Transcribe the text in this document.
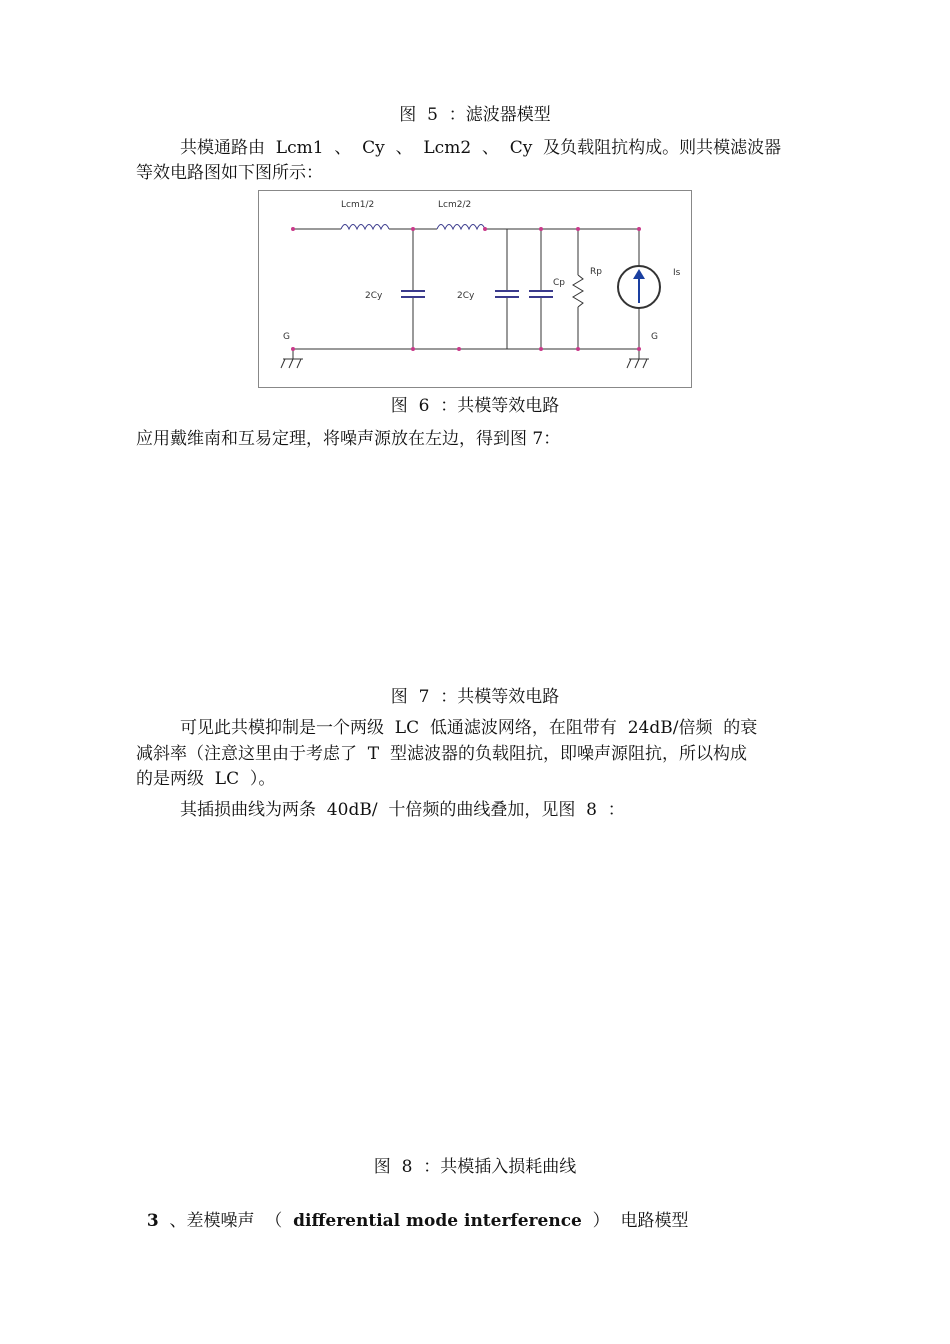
图  5  ：滤波器模型
共模通路由  Lcm1  、  Cy  、  Lcm2  、  Cy  及负载阻抗构成。则共模滤波器
等效电路图如下图所示：
Lcm1/2	Lcm2/2
2Cy	2Cy
Cp
Rp	Is
G	G
图  6  ：共模等效电路
应用戴维南和互易定理，将噪声源放在左边，得到图 7：
图  7  ：共模等效电路
可见此共模抑制是一个两级  LC  低通滤波网络，在阻带有  24dB/倍频  的衰
减斜率（注意这里由于考虑了  T  型滤波器的负载阻抗，即噪声源阻抗，所以构成
的是两级  LC  ）。
其插损曲线为两条  40dB/  十倍频的曲线叠加，见图  8  ：
图  8  ：共模插入损耗曲线

3  、差模噪声  （  differential mode interference  ）  电路模型
